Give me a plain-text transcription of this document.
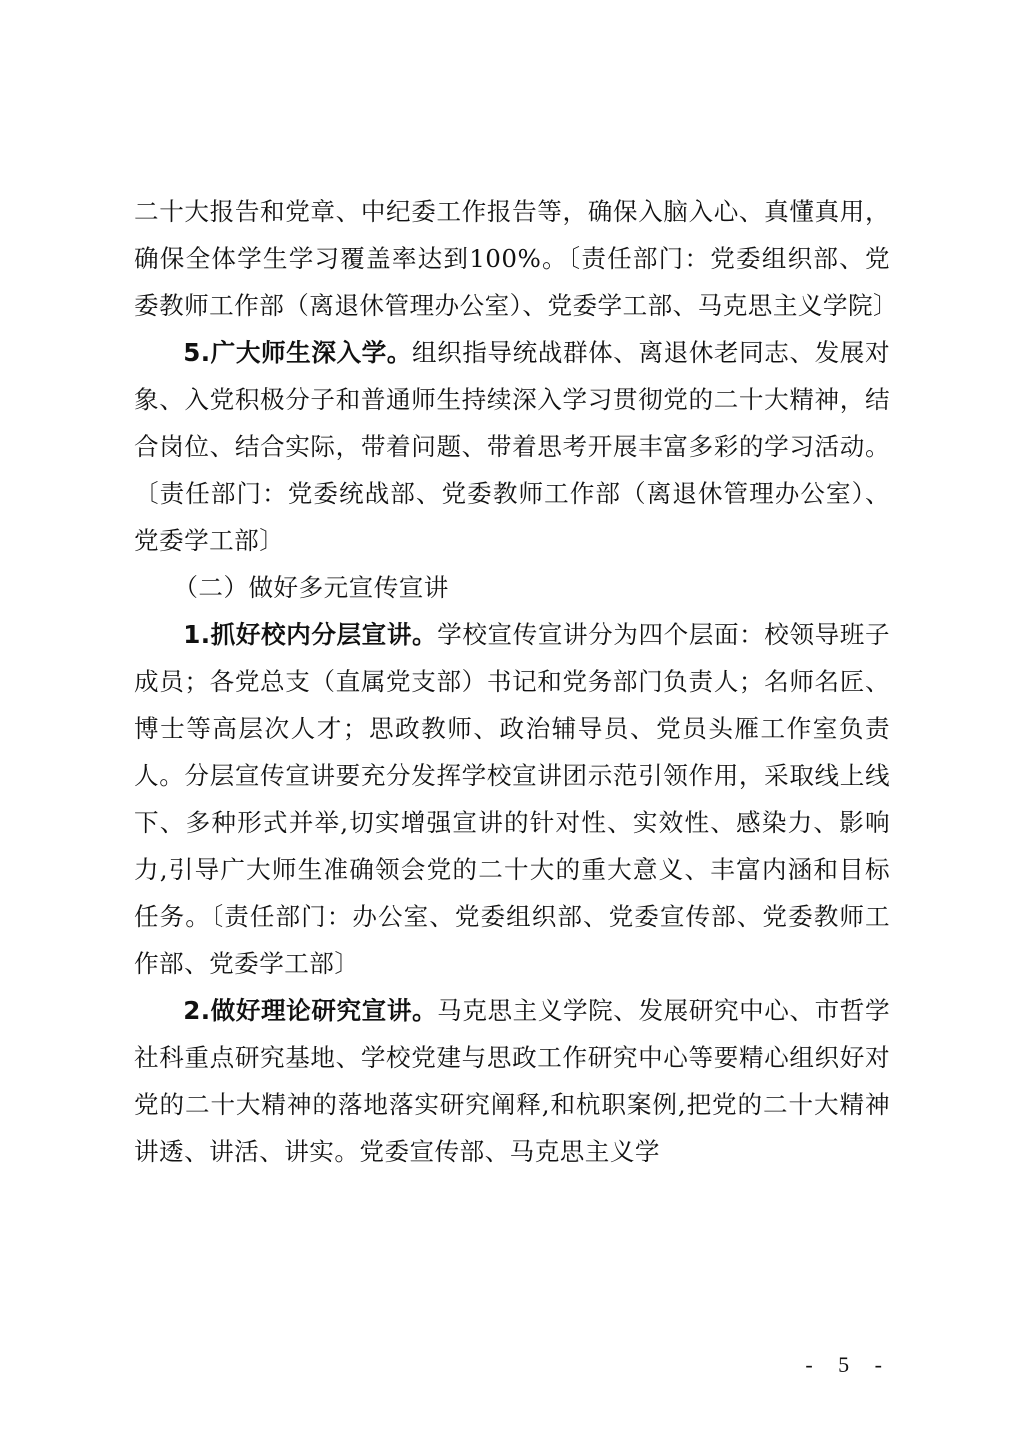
二十大报告和党章、中纪委工作报告等，确保入脑入心、真懂真用，确保全体学生学习覆盖率达到100%。〔责任部门：党委组织部、党委教师工作部（离退休管理办公室）、党委学工部、马克思主义学院〕

5.广大师生深入学。组织指导统战群体、离退休老同志、发展对象、入党积极分子和普通师生持续深入学习贯彻党的二十大精神，结合岗位、结合实际，带着问题、带着思考开展丰富多彩的学习活动。〔责任部门：党委统战部、党委教师工作部（离退休管理办公室）、党委学工部〕

（二）做好多元宣传宣讲

1.抓好校内分层宣讲。学校宣传宣讲分为四个层面：校领导班子成员；各党总支（直属党支部）书记和党务部门负责人；名师名匠、博士等高层次人才；思政教师、政治辅导员、党员头雁工作室负责人。分层宣传宣讲要充分发挥学校宣讲团示范引领作用，采取线上线下、多种形式并举,切实增强宣讲的针对性、实效性、感染力、影响力,引导广大师生准确领会党的二十大的重大意义、丰富内涵和目标任务。〔责任部门：办公室、党委组织部、党委宣传部、党委教师工作部、党委学工部〕

2.做好理论研究宣讲。马克思主义学院、发展研究中心、市哲学社科重点研究基地、学校党建与思政工作研究中心等要精心组织好对党的二十大精神的落地落实研究阐释,和杭职案例,把党的二十大精神讲透、讲活、讲实。党委宣传部、马克思主义学

- 5 -
